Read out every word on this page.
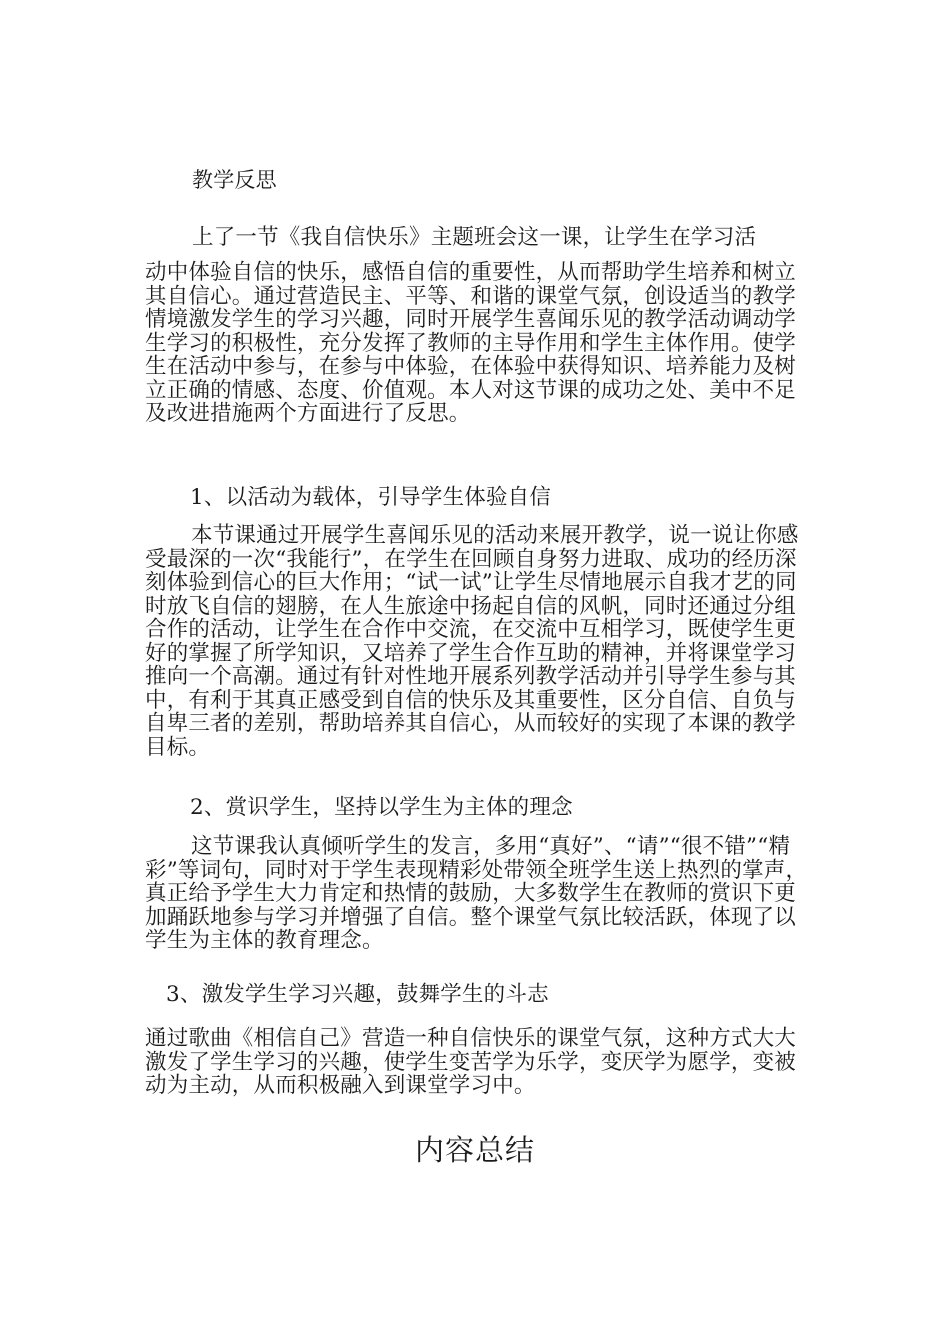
教学反思

上了一节《我自信快乐》主题班会这一课，让学生在学习活

动中体验自信的快乐，感悟自信的重要性，从而帮助学生培养和树立其自信心。通过营造民主、平等、和谐的课堂气氛，创设适当的教学情境激发学生的学习兴趣，同时开展学生喜闻乐见的教学活动调动学生学习的积极性，充分发挥了教师的主导作用和学生主体作用。使学生在活动中参与，在参与中体验，在体验中获得知识、培养能力及树立正确的情感、态度、价值观。本人对这节课的成功之处、美中不足及改进措施两个方面进行了反思。

1、以活动为载体，引导学生体验自信

本节课通过开展学生喜闻乐见的活动来展开教学，说一说让你感受最深的一次“我能行”，在学生在回顾自身努力进取、成功的经历深刻体验到信心的巨大作用；“试一试”让学生尽情地展示自我才艺的同时放飞自信的翅膀，在人生旅途中扬起自信的风帆，同时还通过分组合作的活动，让学生在合作中交流，在交流中互相学习，既使学生更好的掌握了所学知识，又培养了学生合作互助的精神，并将课堂学习推向一个高潮。通过有针对性地开展系列教学活动并引导学生参与其中，有利于其真正感受到自信的快乐及其重要性，区分自信、自负与自卑三者的差别，帮助培养其自信心，从而较好的实现了本课的教学目标。

2、赏识学生，坚持以学生为主体的理念

这节课我认真倾听学生的发言，多用“真好”、“请”“很不错”“精彩”等词句，同时对于学生表现精彩处带领全班学生送上热烈的掌声，真正给予学生大力肯定和热情的鼓励，大多数学生在教师的赏识下更加踊跃地参与学习并增强了自信。整个课堂气氛比较活跃，体现了以学生为主体的教育理念。

3、激发学生学习兴趣，鼓舞学生的斗志

通过歌曲《相信自己》营造一种自信快乐的课堂气氛，这种方式大大激发了学生学习的兴趣，使学生变苦学为乐学，变厌学为愿学，变被动为主动，从而积极融入到课堂学习中。

内容总结
